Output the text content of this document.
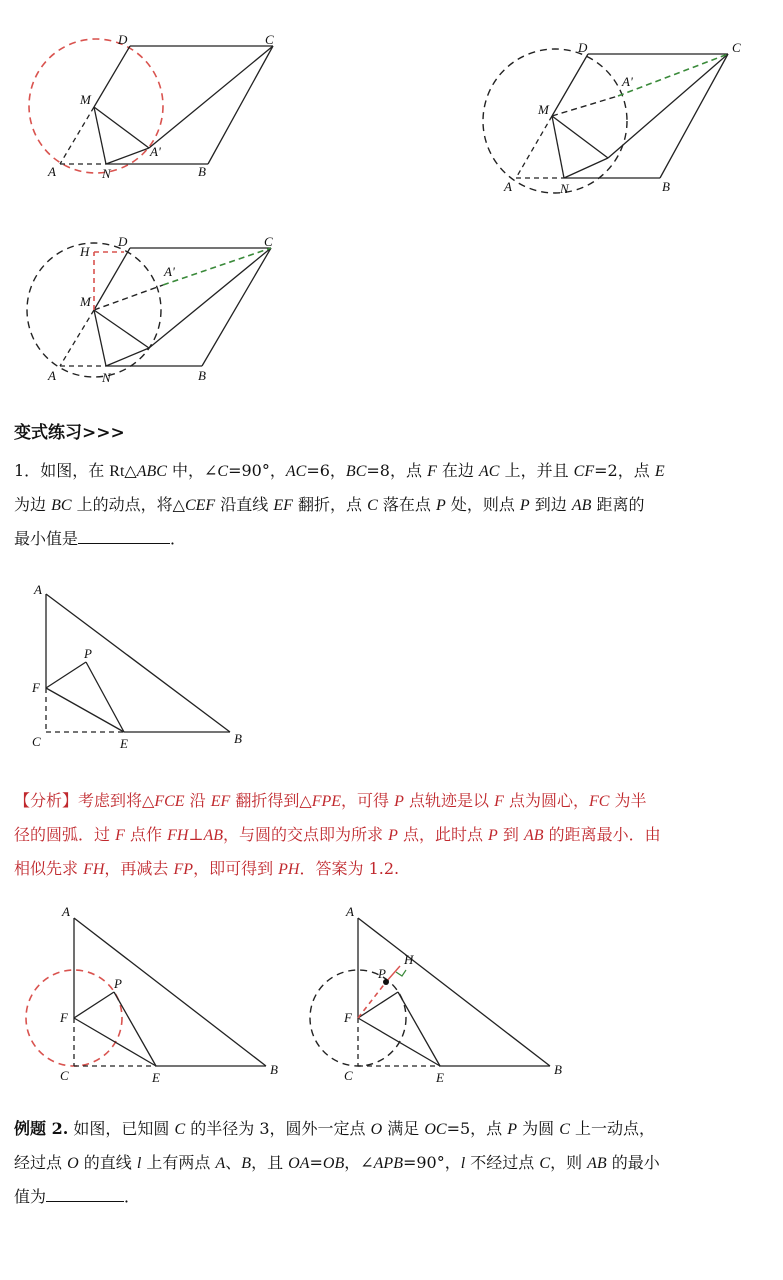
D	C
M
A'
A	N	B
D	C
M
A'
A	N	B
H
D	C
M
A'
A	N	B
变式练习>>>

1．如图，在 Rt△ABC 中，∠C=90°，AC=6，BC=8，点 F 在边 AC 上，并且 CF=2，点 E

为边 BC 上的动点，将△CEF 沿直线 EF 翻折，点 C 落在点 P 处，则点 P 到边 AB 距离的

最小值是	．

A
P
F
C	E	B

【分析】考虑到将△FCE 沿 EF 翻折得到△FPE，可得 P 点轨迹是以 F 点为圆心，FC 为半

径的圆弧．过 F 点作 FH⊥AB，与圆的交点即为所求 P 点，此时点 P 到 AB 的距离最小．由

相似先求 FH，再减去 FP，即可得到 PH．答案为 1.2.

A
P
F
C	E
B
A
H
P
F
C	E
B

例题 2. 如图，已知圆 C 的半径为 3，圆外一定点 O 满足 OC=5，点 P 为圆 C 上一动点，

经过点 O 的直线 l 上有两点 A、B，且 OA=OB，∠APB=90°，l 不经过点 C，则 AB 的最小

值为	．
